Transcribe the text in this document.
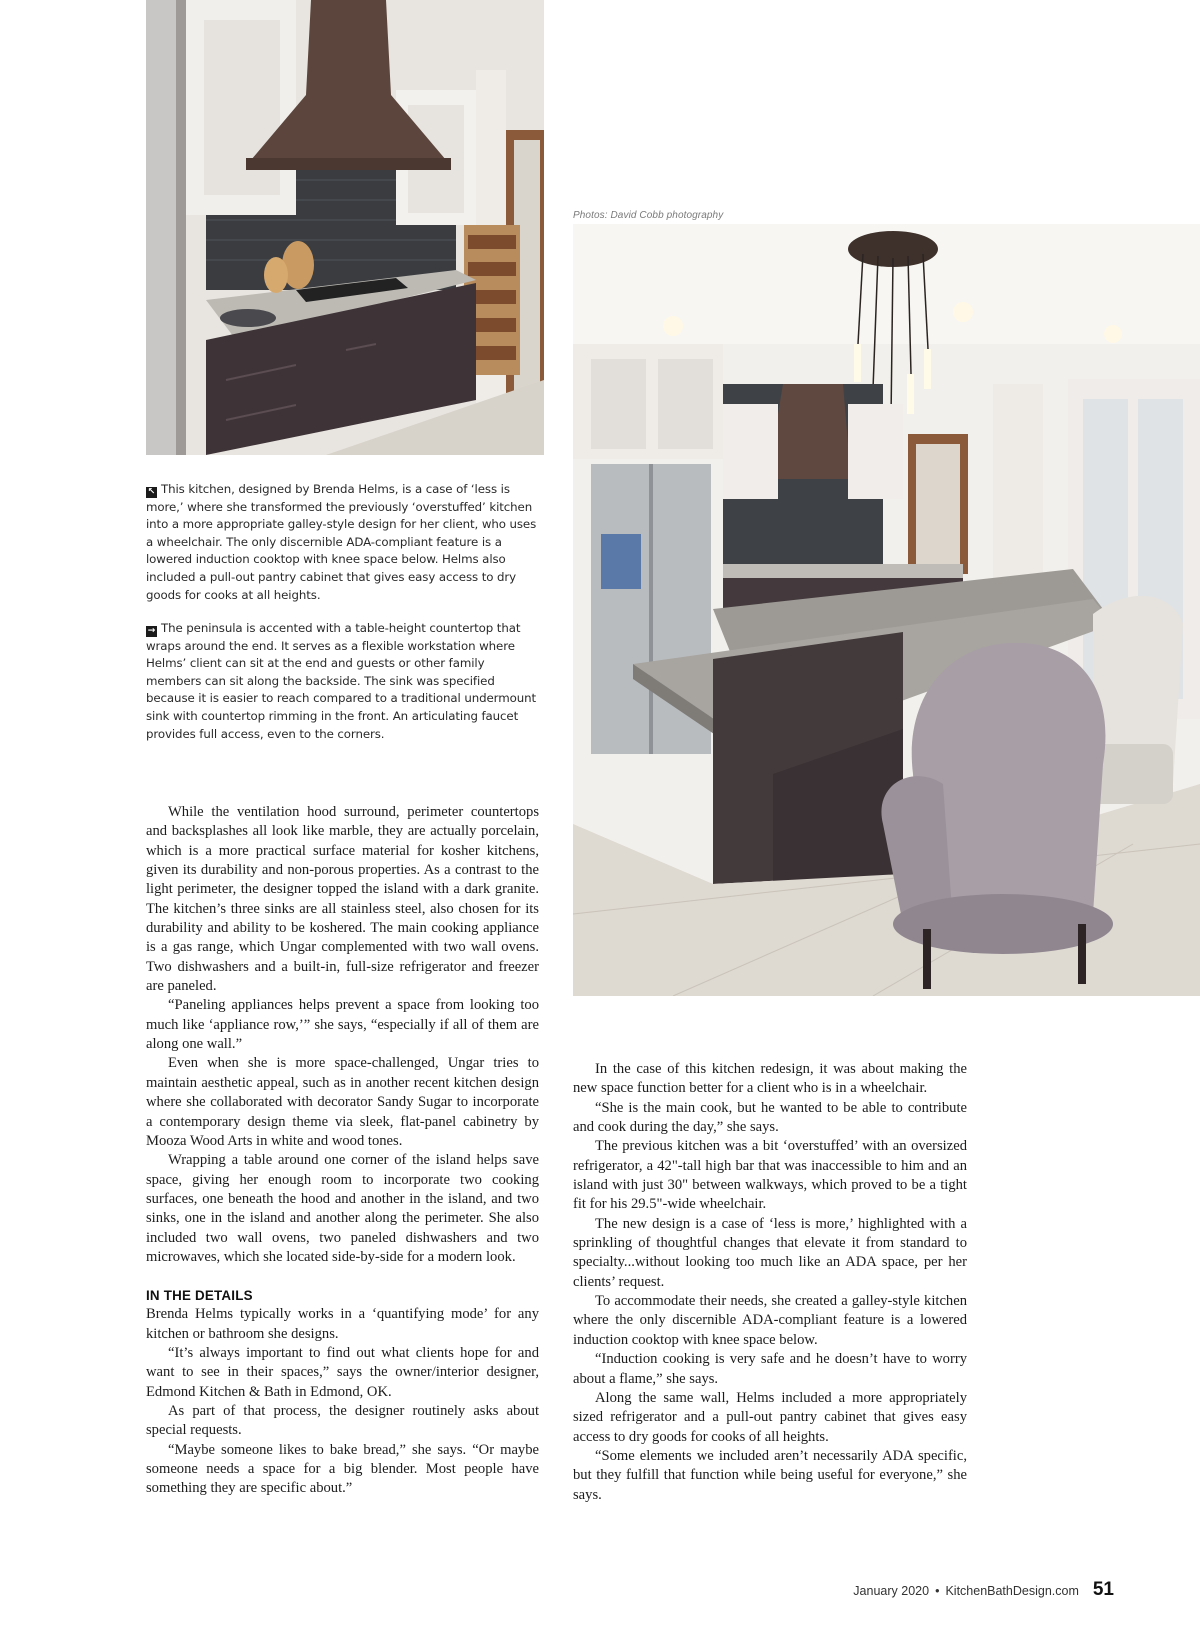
Photos: David Cobb photography
↖ This kitchen, designed by Brenda Helms, is a case of ‘less is more,’ where she transformed the previously ‘overstuffed’ kitchen into a more appropriate galley-style design for her client, who uses a wheelchair. The only discernible ADA-compliant feature is a lowered induction cooktop with knee space below. Helms also included a pull-out pantry cabinet that gives easy access to dry goods for cooks at all heights.
→ The peninsula is accented with a table-height countertop that wraps around the end. It serves as a flexible workstation where Helms’ client can sit at the end and guests or other family members can sit along the backside. The sink was specified because it is easier to reach compared to a traditional undermount sink with countertop rimming in the front. An articulating faucet provides full access, even to the corners.

While the ventilation hood surround, perimeter countertops and backsplashes all look like marble, they are actually porcelain, which is a more practical surface material for kosher kitchens, given its durability and non-porous properties. As a contrast to the light perimeter, the designer topped the island with a dark granite. The kitchen’s three sinks are all stainless steel, also chosen for its durability and ability to be koshered. The main cooking appliance is a gas range, which Ungar complemented with two wall ovens. Two dishwashers and a built-in, full-size refrigerator and freezer are paneled.

“Paneling appliances helps prevent a space from looking too much like ‘appliance row,’” she says, “especially if all of them are along one wall.”

Even when she is more space-challenged, Ungar tries to maintain aesthetic appeal, such as in another recent kitchen design where she collaborated with decorator Sandy Sugar to incorporate a contemporary design theme via sleek, flat-panel cabinetry by Mooza Wood Arts in white and wood tones.

Wrapping a table around one corner of the island helps save space, giving her enough room to incorporate two cooking surfaces, one beneath the hood and another in the island, and two sinks, one in the island and another along the perimeter. She also included two wall ovens, two paneled dishwashers and two microwaves, which she located side-by-side for a modern look.

IN THE DETAILS

Brenda Helms typically works in a ‘quantifying mode’ for any kitchen or bathroom she designs.

“It’s always important to find out what clients hope for and want to see in their spaces,” says the owner/interior designer, Edmond Kitchen & Bath in Edmond, OK.

As part of that process, the designer routinely asks about special requests.

“Maybe someone likes to bake bread,” she says. “Or maybe someone needs a space for a big blender. Most people have something they are specific about.”

In the case of this kitchen redesign, it was about making the new space function better for a client who is in a wheelchair.

“She is the main cook, but he wanted to be able to contribute and cook during the day,” she says.

The previous kitchen was a bit ‘overstuffed’ with an oversized refrigerator, a 42"-tall high bar that was inaccessible to him and an island with just 30" between walkways, which proved to be a tight fit for his 29.5"-wide wheelchair.

The new design is a case of ‘less is more,’ highlighted with a sprinkling of thoughtful changes that elevate it from standard to specialty...without looking too much like an ADA space, per her clients’ request.

To accommodate their needs, she created a galley-style kitchen where the only discernible ADA-compliant feature is a lowered induction cooktop with knee space below.

“Induction cooking is very safe and he doesn’t have to worry about a flame,” she says.

Along the same wall, Helms included a more appropriately sized refrigerator and a pull-out pantry cabinet that gives easy access to dry goods for cooks of all heights.

“Some elements we included aren’t necessarily ADA specific, but they fulfill that function while being useful for everyone,” she says.

January 2020 • KitchenBathDesign.com 51
